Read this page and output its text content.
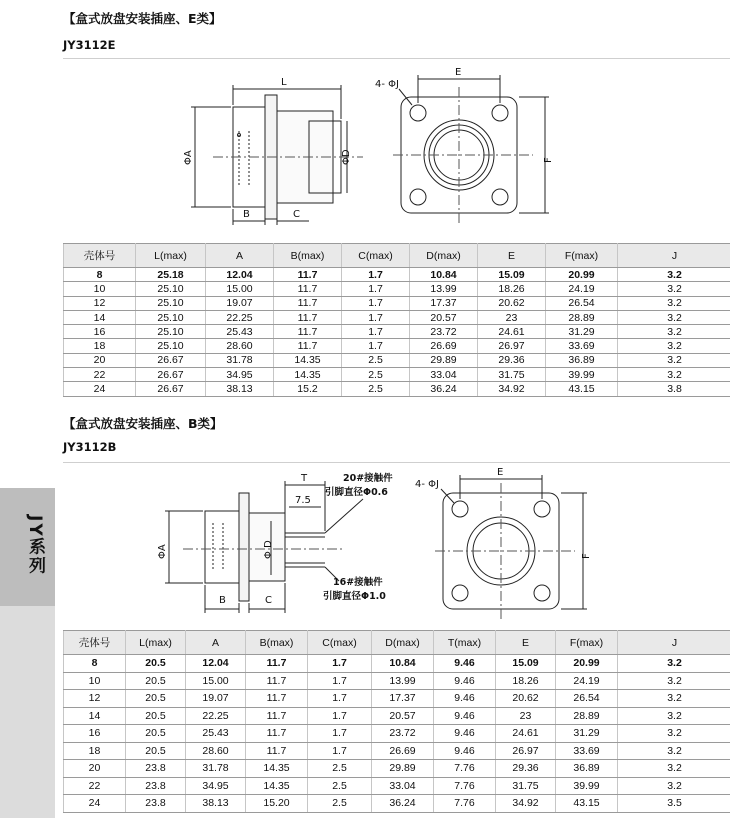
【盒式放盘安装插座、E类】
JY3112E
L
ΦA	ΦD
B	C
E
F
4- ΦJ
壳体号	L(max)	A	B(max)	C(max)	D(max)	E	F(max)	J
8	25.18	12.04	11.7	1.7	10.84	15.09	20.99	3.2
10	25.10	15.00	11.7	1.7	13.99	18.26	24.19	3.2
12	25.10	19.07	11.7	1.7	17.37	20.62	26.54	3.2
14	25.10	22.25	11.7	1.7	20.57	23	28.89	3.2
16	25.10	25.43	11.7	1.7	23.72	24.61	31.29	3.2
18	25.10	28.60	11.7	1.7	26.69	26.97	33.69	3.2
20	26.67	31.78	14.35	2.5	29.89	29.36	36.89	3.2
22	26.67	34.95	14.35	2.5	33.04	31.75	39.99	3.2
24	26.67	38.13	15.2	2.5	36.24	34.92	43.15	3.8
【盒式放盘安装插座、B类】
JY3112B
T
7.5
ΦA	Φ D
B	C
20#接触件
引脚直径Φ0.6
16#接触件
引脚直径Φ1.0
E
F
4- ΦJ
壳体号	L(max)	A	B(max)	C(max)	D(max)	T(max)	E	F(max)	J
8	20.5	12.04	11.7	1.7	10.84	9.46	15.09	20.99	3.2
10	20.5	15.00	11.7	1.7	13.99	9.46	18.26	24.19	3.2
12	20.5	19.07	11.7	1.7	17.37	9.46	20.62	26.54	3.2
14	20.5	22.25	11.7	1.7	20.57	9.46	23	28.89	3.2
16	20.5	25.43	11.7	1.7	23.72	9.46	24.61	31.29	3.2
18	20.5	28.60	11.7	1.7	26.69	9.46	26.97	33.69	3.2
20	23.8	31.78	14.35	2.5	29.89	7.76	29.36	36.89	3.2
22	23.8	34.95	14.35	2.5	33.04	7.76	31.75	39.99	3.2
24	23.8	38.13	15.20	2.5	36.24	7.76	34.92	43.15	3.5
JY系列
